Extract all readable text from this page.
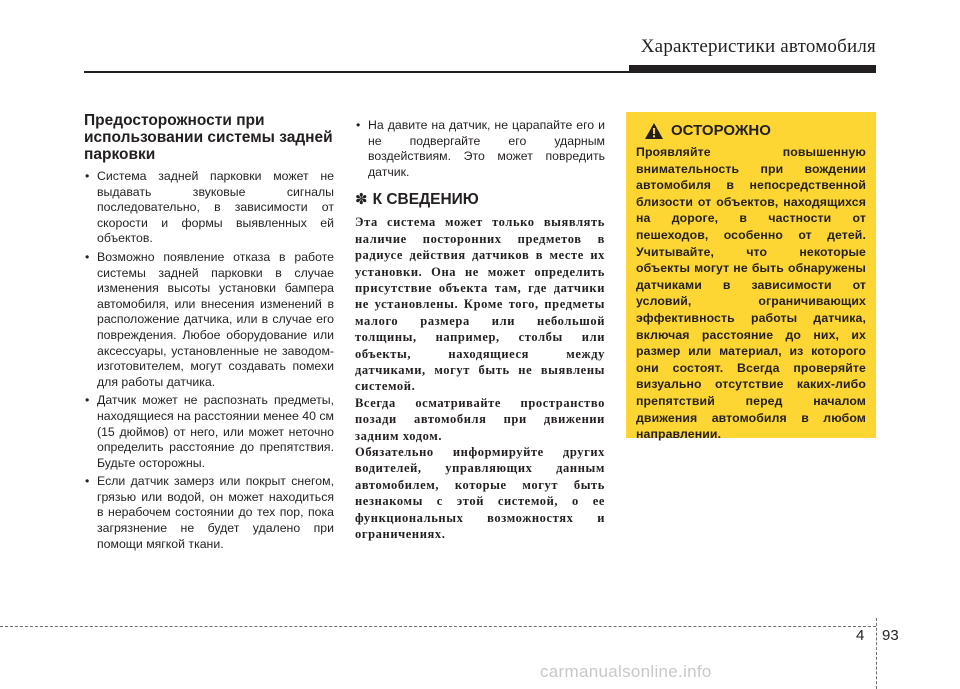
Характеристики автомобиля
Предосторожности при использовании системы задней парковки
• Система задней парковки может не выдавать звуковые сигналы последовательно, в зависимости от скорости и формы выявленных ей объектов.
• Возможно появление отказа в работе системы задней парковки в случае изменения высоты установки бампера автомобиля, или внесения изменений в расположение датчика, или в случае его повреждения. Любое оборудование или аксессуары, установленные не заводом-изготовителем, могут создавать помехи для работы датчика.
• Датчик может не распознать предметы, находящиеся на расстоянии менее 40 см (15 дюймов) от него, или может неточно определить расстояние до препятствия. Будьте осторожны.
• Если датчик замерз или покрыт снегом, грязью или водой, он может находиться в нерабочем состоянии до тех пор, пока загрязнение не будет удалено при помощи мягкой ткани.
• На давите на датчик, не царапайте его и не подвергайте его ударным воздействиям. Это может повредить датчик.
✽ К СВЕДЕНИЮ
Эта система может только выявлять наличие посторонних предметов в радиусе действия датчиков в месте их установки. Она не может определить присутствие объекта там, где датчики не установлены. Кроме того, предметы малого размера или небольшой толщины, например, столбы или объекты, находящиеся между датчиками, могут быть не выявлены системой.
Всегда осматривайте пространство позади автомобиля при движении задним ходом.
Обязательно информируйте других водителей, управляющих данным автомобилем, которые могут быть незнакомы с этой системой, о ее функциональных возможностях и ограничениях.
ОСТОРОЖНО
Проявляйте повышенную внимательность при вождении автомобиля в непосредственной близости от объектов, находящихся на дороге, в частности от пешеходов, особенно от детей. Учитывайте, что некоторые объекты могут не быть обнаружены датчиками в зависимости от условий, ограничивающих эффективность работы датчика, включая расстояние до них, их размер или материал, из которого они состоят. Всегда проверяйте визуально отсутствие каких-либо препятствий перед началом движения автомобиля в любом направлении.
4 93
carmanualsonline.info
